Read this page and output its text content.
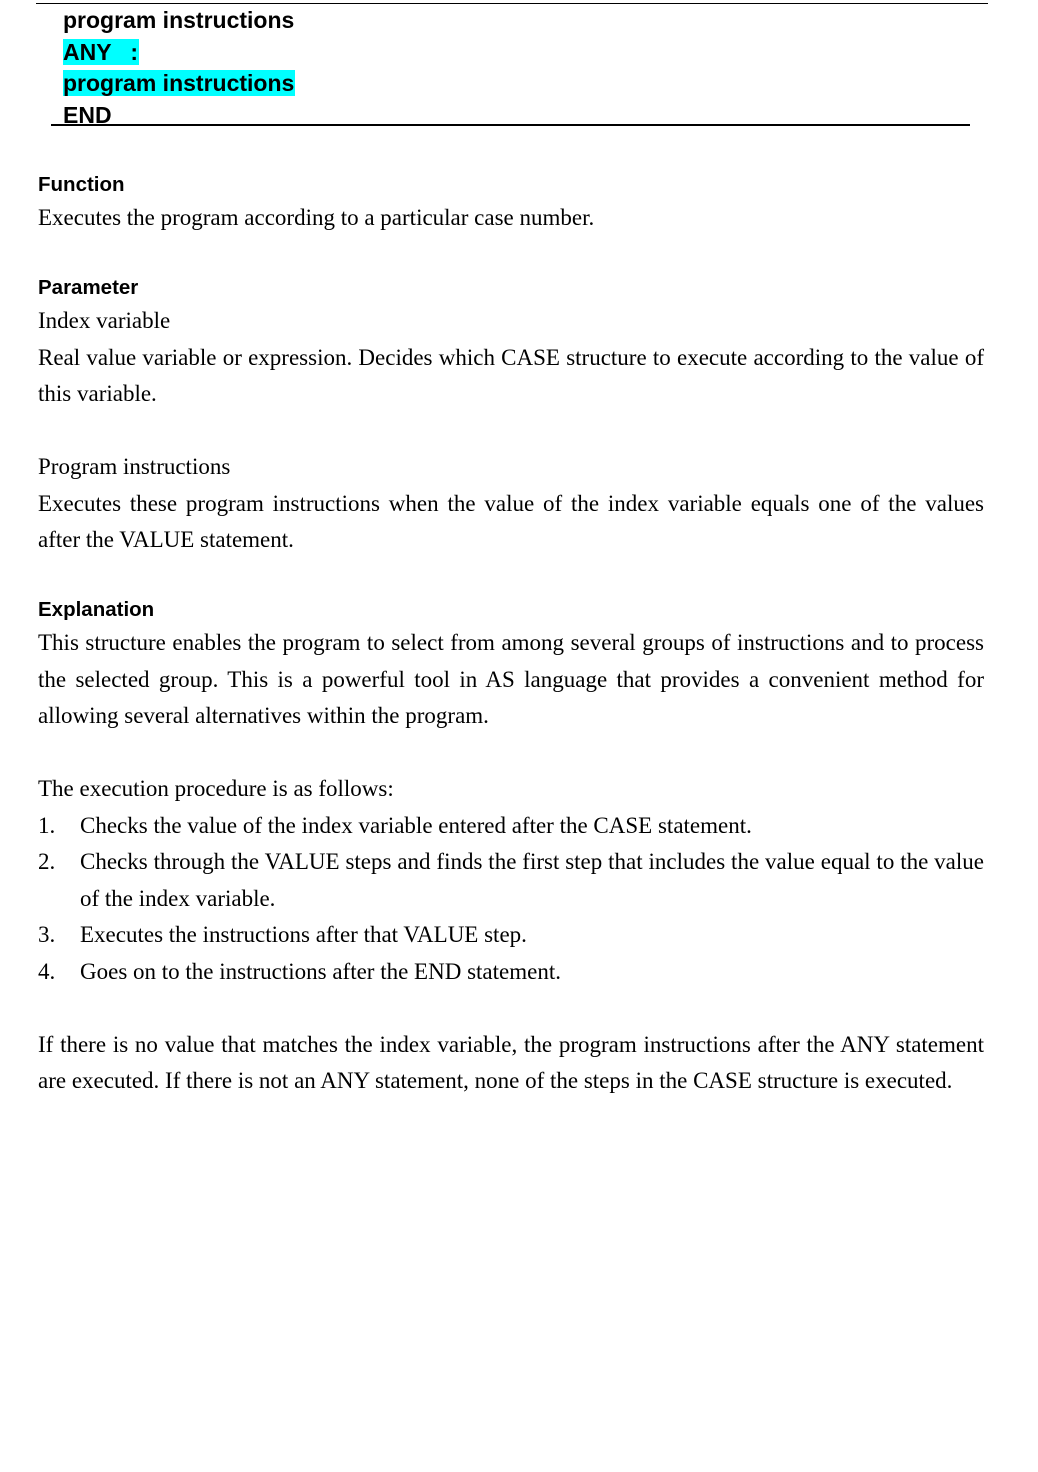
program instructions
ANY   :
program instructions
END
Function

Executes the program according to a particular case number.

Parameter

Index variable

Real value variable or expression. Decides which CASE structure to execute according to the value of this variable.

Program instructions

Executes these program instructions when the value of the index variable equals one of the values after the VALUE statement.

Explanation

This structure enables the program to select from among several groups of instructions and to process the selected group. This is a powerful tool in AS language that provides a convenient method for allowing several alternatives within the program.

The execution procedure is as follows:

1.	Checks the value of the index variable entered after the CASE statement.
2.	Checks through the VALUE steps and finds the first step that includes the value equal to the value of the index variable.
3.	Executes the instructions after that VALUE step.
4.	Goes on to the instructions after the END statement.

If there is no value that matches the index variable, the program instructions after the ANY statement are executed. If there is not an ANY statement, none of the steps in the CASE structure is executed.
